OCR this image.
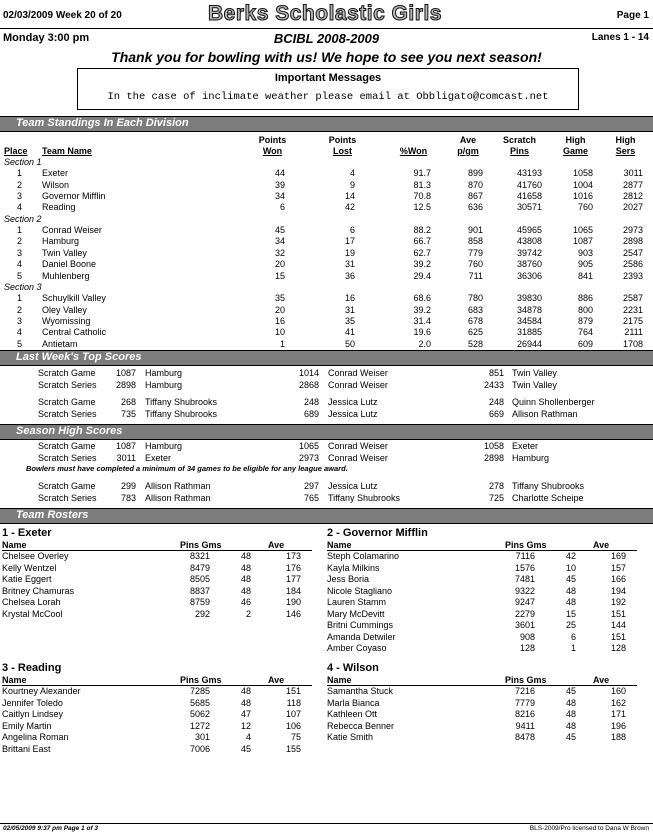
02/03/2009 Week 20 of 20	Berks Scholastic Girls	Page 1
Monday 3:00 pm	BCIBL 2008-2009	Lanes 1 - 14
Thank you for bowling with us! We hope to see you next season!
Important Messages
In the case of inclimate weather please email at Obbligato@comcast.net
Team Standings In Each Division
Points	Points	Ave	Scratch	High	High
Place Team Name	Won	Lost	%Won	p/gm	Pins	Game	Sers
Section 1
1 Exeter	44	4	91.7	899	43193	1058	3011
2 Wilson	39	9	81.3	870	41760	1004	2877
3 Governor Mifflin	34	14	70.8	867	41658	1016	2812
4 Reading	6	42	12.5	636	30571	760	2027
Section 2
1 Conrad Weiser	45	6	88.2	901	45965	1065	2973
2 Hamburg	34	17	66.7	858	43808	1087	2898
3 Twin Valley	32	19	62.7	779	39742	903	2547
4 Daniel Boone	20	31	39.2	760	38760	905	2586
5 Muhlenberg	15	36	29.4	711	36306	841	2393
Section 3
1 Schuylkill Valley	35	16	68.6	780	39830	886	2587
2 Oley Valley	20	31	39.2	683	34878	800	2231
3 Wyomissing	16	35	31.4	678	34584	879	2175
4 Central Catholic	10	41	19.6	625	31885	764	2111
5 Antietam	1	50	2.0	528	26944	609	1708
Last Week's Top Scores
Scratch Game	1087 Hamburg	1014 Conrad Weiser	851 Twin Valley
Scratch Series	2898 Hamburg	2868 Conrad Weiser	2433 Twin Valley
Scratch Game	268 Tiffany Shubrooks	248 Jessica Lutz	248 Quinn Shollenberger
Scratch Series	735 Tiffany Shubrooks	689 Jessica Lutz	669 Allison Rathman
Season High Scores
Scratch Game	1087 Hamburg	1065 Conrad Weiser	1058 Exeter
Scratch Series	3011 Exeter	2973 Conrad Weiser	2898 Hamburg
Scratch Game	299 Allison Rathman	297 Jessica Lutz	278 Tiffany Shubrooks
Scratch Series	783 Allison Rathman	765 Tiffany Shubrooks	725 Charlotte Scheipe
Bowlers must have completed a minimum of 34 games to be eligible for any league award.
Team Rosters
1 - Exeter
Name	Pins Gms	Ave
Chelsee Overley	8321	48	173
Kelly Wentzel	8479	48	176
Katie Eggert	8505	48	177
Britney Chamuras	8837	48	184
Chelsea Lorah	8759	46	190
Krystal McCool	292	2	146
2 - Governor Mifflin
Name	Pins Gms	Ave
Steph Colamarino	7116	42	169
Kayla Milkins	1576	10	157
Jess Boria	7481	45	166
Nicole Stagliano	9322	48	194
Lauren Stamm	9247	48	192
Mary McDevitt	2279	15	151
Britni Cummings	3601	25	144
Amanda Detwiler	908	6	151
Amber Coyaso	128	1	128
3 - Reading
Name	Pins Gms	Ave
Kourtney Alexander	7285	48	151
Jennifer Toledo	5685	48	118
Caitlyn Lindsey	5062	47	107
Emily Martin	1272	12	106
Angelina Roman	301	4	75
Brittani East	7006	45	155
4 - Wilson
Name	Pins Gms	Ave
Samantha Stuck	7216	45	160
Marla Bianca	7779	48	162
Kathleen Ott	8216	48	171
Rebecca Benner	9411	48	196
Katie Smith	8478	45	188
02/05/2009 9:37 pm Page 1 of 3	BLS-2009/Pro licensed to Dana W Brown
